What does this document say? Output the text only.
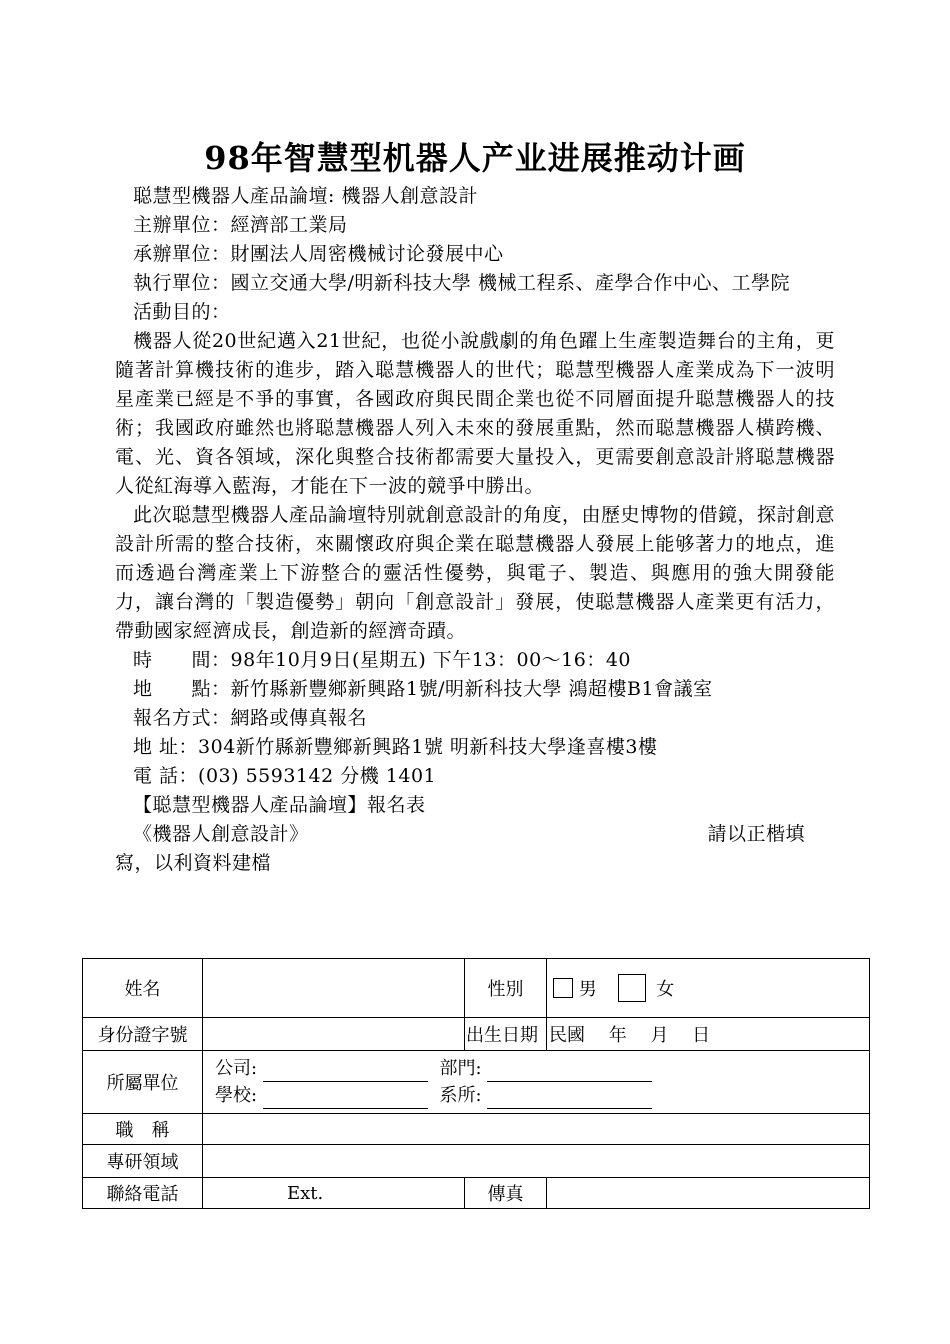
98年智慧型机器人产业进展推动计画

聪慧型機器人產品論壇: 機器人創意設計

主辦單位：經濟部工業局

承辦單位：財團法人周密機械讨论發展中心

執行單位：國立交通大學/明新科技大學 機械工程系、產學合作中心、工學院

活動目的：

機器人從20世紀邁入21世紀，也從小說戲劇的角色躍上生產製造舞台的主角，更隨著計算機技術的進步，踏入聪慧機器人的世代；聪慧型機器人產業成為下一波明星產業已經是不爭的事實，各國政府與民間企業也從不同層面提升聪慧機器人的技術；我國政府雖然也將聪慧機器人列入未來的發展重點，然而聪慧機器人橫跨機、電、光、資各領域，深化與整合技術都需要大量投入，更需要創意設計將聪慧機器人從紅海導入藍海，才能在下一波的競爭中勝出。

此次聪慧型機器人產品論壇特別就創意設計的角度，由歷史博物的借鏡，探討創意設計所需的整合技術，來關懷政府與企業在聪慧機器人發展上能够著力的地点，進而透過台灣產業上下游整合的靈活性優勢，與電子、製造、與應用的強大開發能力，讓台灣的「製造優勢」朝向「創意設計」發展，使聪慧機器人產業更有活力，帶動國家經濟成長，創造新的經濟奇蹟。

時　　間：98年10月9日(星期五) 下午13：00～16：40

地　　點：新竹縣新豐鄉新興路1號/明新科技大學 鴻超樓B1會議室

報名方式：網路或傳真報名

地 址：304新竹縣新豐鄉新興路1號 明新科技大學逢喜樓3樓

電 話：(03) 5593142 分機 1401

【聪慧型機器人產品論壇】報名表

《機器人創意設計》	請以正楷填

寫，以利資料建檔

姓名		性別	男 女
身份證字號		出生日期	民國　 年　 月　 日
所屬單位	公司: 部門:
學校: 系所:		

職　稱			
專研領域			
聯絡電話	Ext.	傳真	
